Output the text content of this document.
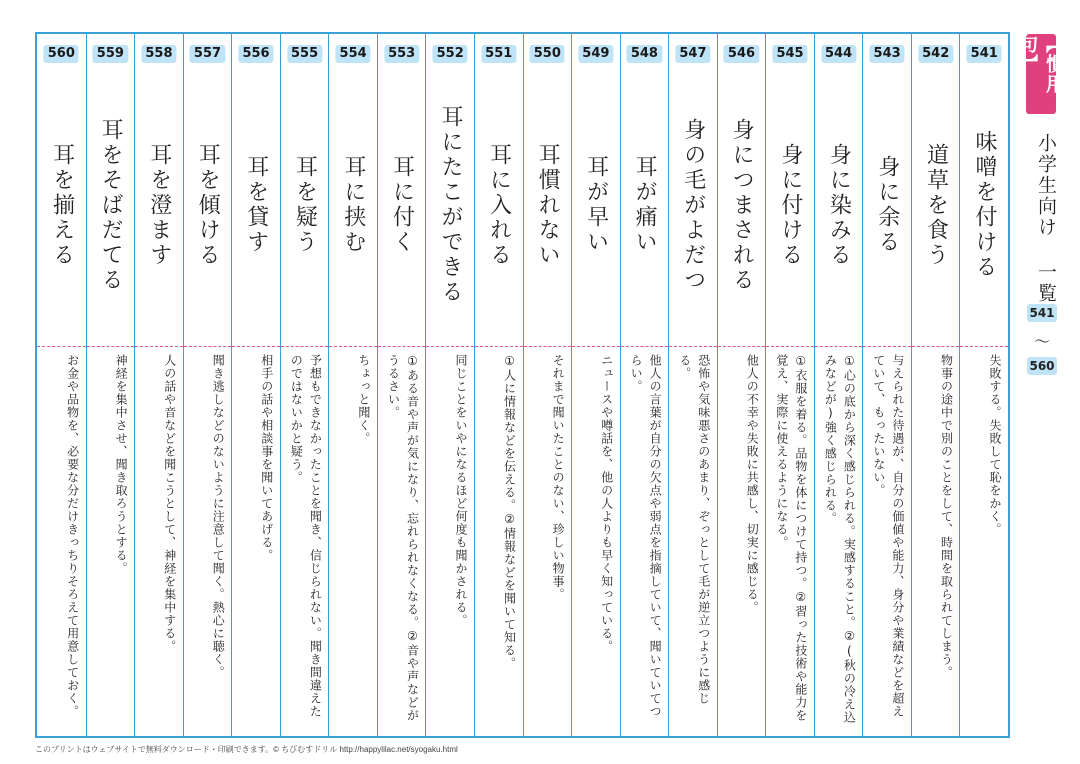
541
味噌を付ける
失敗する。失敗して恥をかく。
542
道草を食う
物事の途中で別のことをして、時間を取られてしまう。
543
身に余る
与えられた待遇が、自分の価値や能力、身分や業績などを超えていて、もったいない。
544
身に染みる
①心の底から深く感じられる。実感すること。②(秋の冷え込みなどが)強く感じられる。
545
身に付ける
①衣服を着る。品物を体につけて持つ。②習った技術や能力を覚え、実際に使えるようになる。
546
身につまされる
他人の不幸や失敗に共感し、切実に感じる。
547
身の毛がよだつ
恐怖や気味悪さのあまり、ぞっとして毛が逆立つように感じる。
548
耳が痛い
他人の言葉が自分の欠点や弱点を指摘していて、聞いていてつらい。
549
耳が早い
ニュースや噂話を、他の人よりも早く知っている。
550
耳慣れない
それまで聞いたことのない、珍しい物事。
551
耳に入れる
①人に情報などを伝える。②情報などを聞いて知る。
552
耳にたこができる
同じことをいやになるほど何度も聞かされる。
553
耳に付く
①ある音や声が気になり、忘れられなくなる。②音や声などがうるさい。
554
耳に挟む
ちょっと聞く。
555
耳を疑う
予想もできなかったことを聞き、信じられない。聞き間違えたのではないかと疑う。
556
耳を貸す
相手の話や相談事を聞いてあげる。
557
耳を傾ける
聞き逃しなどのないように注意して聞く。熱心に聴く。
558
耳を澄ます
人の話や音などを聞こうとして、神経を集中する。
559
耳をそばだてる
神経を集中させ、聞き取ろうとする。
560
耳を揃える
お金や品物を、必要な分だけきっちりそろえて用意しておく。
【慣用句】
小学生向け 一覧
541
〜
560
このプリントはウェブサイトで無料ダウンロード・印刷できます。© ちびむすドリル http://happylilac.net/syogaku.html
